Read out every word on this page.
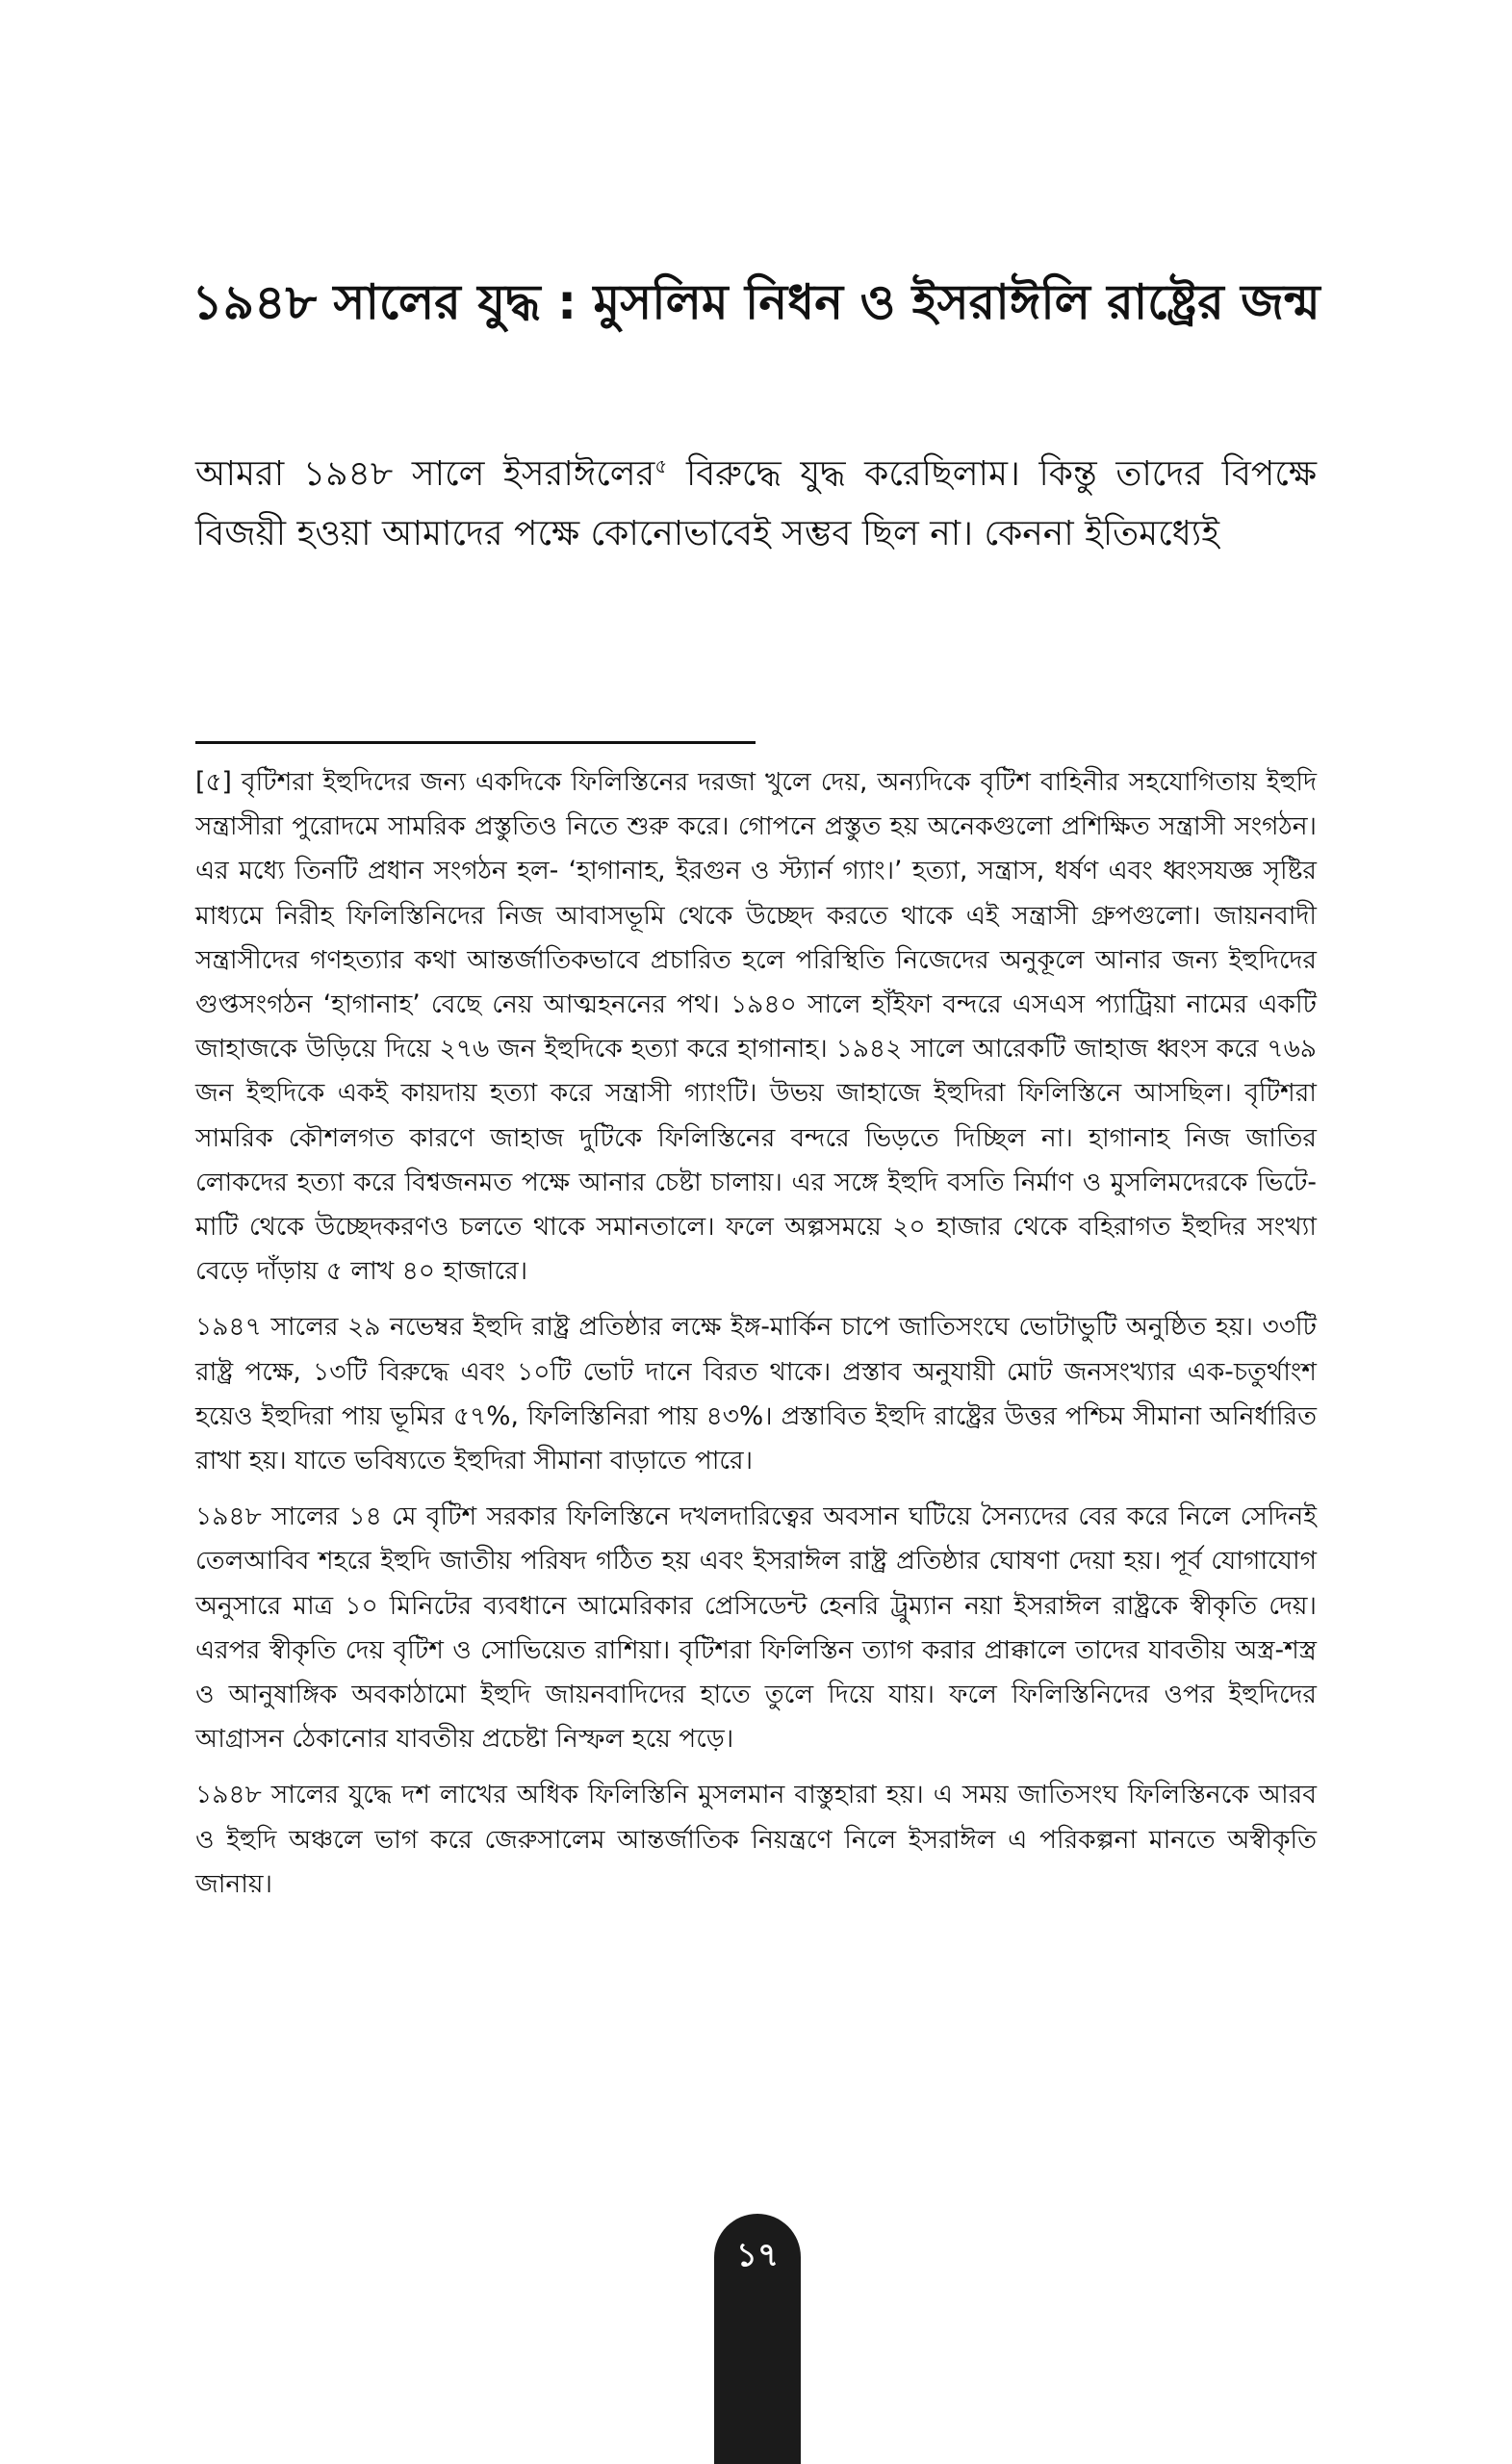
১৯৪৮ সালের যুদ্ধ : মুসলিম নিধন ও ইসরাঈলি রাষ্ট্রের জন্ম

আমরা ১৯৪৮ সালে ইসরাঈলের$^৫$ বিরুদ্ধে যুদ্ধ করেছিলাম। কিন্তু তাদের বিপক্ষে বিজয়ী হওয়া আমাদের পক্ষে কোনোভাবেই সম্ভব ছিল না। কেননা ইতিমধ্যেই

[৫] বৃটিশরা ইহুদিদের জন্য একদিকে ফিলিস্তিনের দরজা খুলে দেয়, অন্যদিকে বৃটিশ বাহিনীর সহযোগিতায় ইহুদি সন্ত্রাসীরা পুরোদমে সামরিক প্রস্তুতিও নিতে শুরু করে। গোপনে প্রস্তুত হয় অনেকগুলো প্রশিক্ষিত সন্ত্রাসী সংগঠন। এর মধ্যে তিনটি প্রধান সংগঠন হল- ‘হাগানাহ, ইরগুন ও স্ট্যার্ন গ্যাং।’ হত্যা, সন্ত্রাস, ধর্ষণ এবং ধ্বংসযজ্ঞ সৃষ্টির মাধ্যমে নিরীহ ফিলিস্তিনিদের নিজ আবাসভূমি থেকে উচ্ছেদ করতে থাকে এই সন্ত্রাসী গ্রুপগুলো। জায়নবাদী সন্ত্রাসীদের গণহত্যার কথা আন্তর্জাতিকভাবে প্রচারিত হলে পরিস্থিতি নিজেদের অনুকূলে আনার জন্য ইহুদিদের গুপ্তসংগঠন ‘হাগানাহ’ বেছে নেয় আত্মহননের পথ। ১৯৪০ সালে হাঁইফা বন্দরে এসএস প্যাট্রিয়া নামের একটি জাহাজকে উড়িয়ে দিয়ে ২৭৬ জন ইহুদিকে হত্যা করে হাগানাহ। ১৯৪২ সালে আরেকটি জাহাজ ধ্বংস করে ৭৬৯ জন ইহুদিকে একই কায়দায় হত্যা করে সন্ত্রাসী গ্যাংটি। উভয় জাহাজে ইহুদিরা ফিলিস্তিনে আসছিল। বৃটিশরা সামরিক কৌশলগত কারণে জাহাজ দুটিকে ফিলিস্তিনের বন্দরে ভিড়তে দিচ্ছিল না। হাগানাহ নিজ জাতির লোকদের হত্যা করে বিশ্বজনমত পক্ষে আনার চেষ্টা চালায়। এর সঙ্গে ইহুদি বসতি নির্মাণ ও মুসলিমদেরকে ভিটে-মাটি থেকে উচ্ছেদকরণও চলতে থাকে সমানতালে। ফলে অল্পসময়ে ২০ হাজার থেকে বহিরাগত ইহুদির সংখ্যা বেড়ে দাঁড়ায় ৫ লাখ ৪০ হাজারে।

১৯৪৭ সালের ২৯ নভেম্বর ইহুদি রাষ্ট্র প্রতিষ্ঠার লক্ষে ইঙ্গ-মার্কিন চাপে জাতিসংঘে ভোটাভুটি অনুষ্ঠিত হয়। ৩৩টি রাষ্ট্র পক্ষে, ১৩টি বিরুদ্ধে এবং ১০টি ভোট দানে বিরত থাকে। প্রস্তাব অনুযায়ী মোট জনসংখ্যার এক-চতুর্থাংশ হয়েও ইহুদিরা পায় ভূমির ৫৭%, ফিলিস্তিনিরা পায় ৪৩%। প্রস্তাবিত ইহুদি রাষ্ট্রের উত্তর পশ্চিম সীমানা অনির্ধারিত রাখা হয়। যাতে ভবিষ্যতে ইহুদিরা সীমানা বাড়াতে পারে।

১৯৪৮ সালের ১৪ মে বৃটিশ সরকার ফিলিস্তিনে দখলদারিত্বের অবসান ঘটিয়ে সৈন্যদের বের করে নিলে সেদিনই তেলআবিব শহরে ইহুদি জাতীয় পরিষদ গঠিত হয় এবং ইসরাঈল রাষ্ট্র প্রতিষ্ঠার ঘোষণা দেয়া হয়। পূর্ব যোগাযোগ অনুসারে মাত্র ১০ মিনিটের ব্যবধানে আমেরিকার প্রেসিডেন্ট হেনরি ট্রুম্যান নয়া ইসরাঈল রাষ্ট্রকে স্বীকৃতি দেয়। এরপর স্বীকৃতি দেয় বৃটিশ ও সোভিয়েত রাশিয়া। বৃটিশরা ফিলিস্তিন ত্যাগ করার প্রাক্কালে তাদের যাবতীয় অস্ত্র-শস্ত্র ও আনুষাঙ্গিক অবকাঠামো ইহুদি জায়নবাদিদের হাতে তুলে দিয়ে যায়। ফলে ফিলিস্তিনিদের ওপর ইহুদিদের আগ্রাসন ঠেকানোর যাবতীয় প্রচেষ্টা নিস্ফল হয়ে পড়ে।

১৯৪৮ সালের যুদ্ধে দশ লাখের অধিক ফিলিস্তিনি মুসলমান বাস্তুহারা হয়। এ সময় জাতিসংঘ ফিলিস্তিনকে আরব ও ইহুদি অঞ্চলে ভাগ করে জেরুসালেম আন্তর্জাতিক নিয়ন্ত্রণে নিলে ইসরাঈল এ পরিকল্পনা মানতে অস্বীকৃতি জানায়।

১৭
